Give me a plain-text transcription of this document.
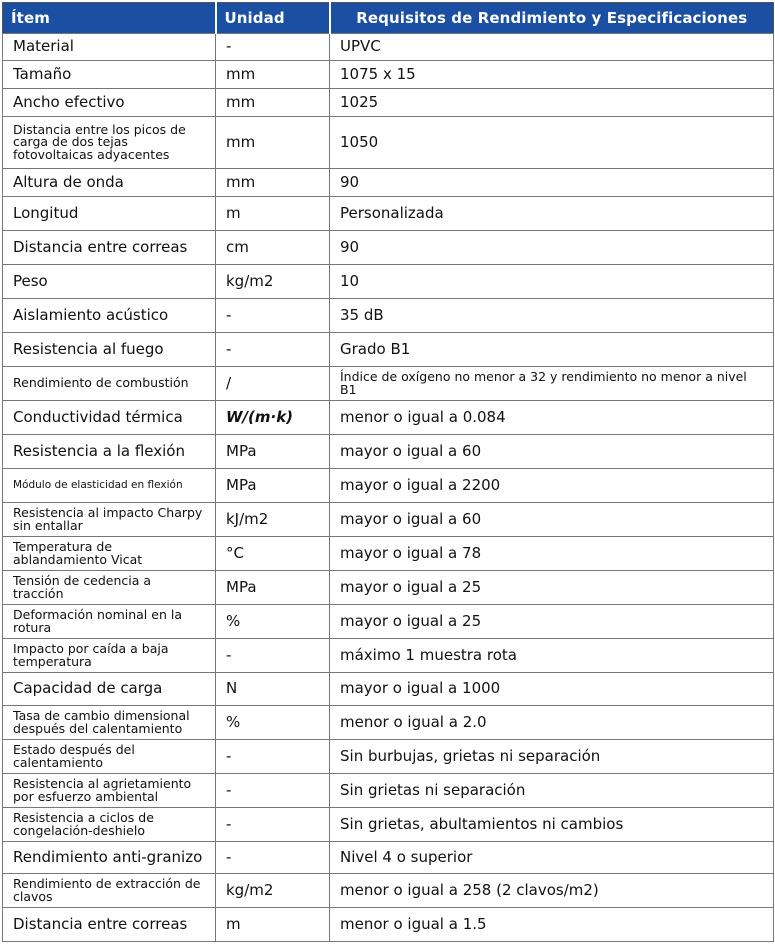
Ítem	Unidad	Requisitos de Rendimiento y Especificaciones
Material	-	UPVC
Tamaño	mm	1075 x 15
Ancho efectivo	mm	1025
Distancia entre los picos de carga de dos tejas fotovoltaicas adyacentes	mm	1050
Altura de onda	mm	90
Longitud	m	Personalizada
Distancia entre correas	cm	90
Peso	kg/m2	10
Aislamiento acústico	-	35 dB
Resistencia al fuego	-	Grado B1
Rendimiento de combustión	/	Índice de oxígeno no menor a 32 y rendimiento no menor a nivel B1
Conductividad térmica	W/(m·k)	menor o igual a 0.084
Resistencia a la flexión	MPa	mayor o igual a 60
Módulo de elasticidad en flexión	MPa	mayor o igual a 2200
Resistencia al impacto Charpy sin entallar	kJ/m2	mayor o igual a 60
Temperatura de ablandamiento Vicat	°C	mayor o igual a 78
Tensión de cedencia a tracción	MPa	mayor o igual a 25
Deformación nominal en la rotura	%	mayor o igual a 25
Impacto por caída a baja temperatura	-	máximo 1 muestra rota
Capacidad de carga	N	mayor o igual a 1000
Tasa de cambio dimensional después del calentamiento	%	menor o igual a 2.0
Estado después del calentamiento	-	Sin burbujas, grietas ni separación
Resistencia al agrietamiento por esfuerzo ambiental	-	Sin grietas ni separación
Resistencia a ciclos de congelación-deshielo	-	Sin grietas, abultamientos ni cambios
Rendimiento anti-granizo	-	Nivel 4 o superior
Rendimiento de extracción de clavos	kg/m2	menor o igual a 258 (2 clavos/m2)
Distancia entre correas	m	menor o igual a 1.5
